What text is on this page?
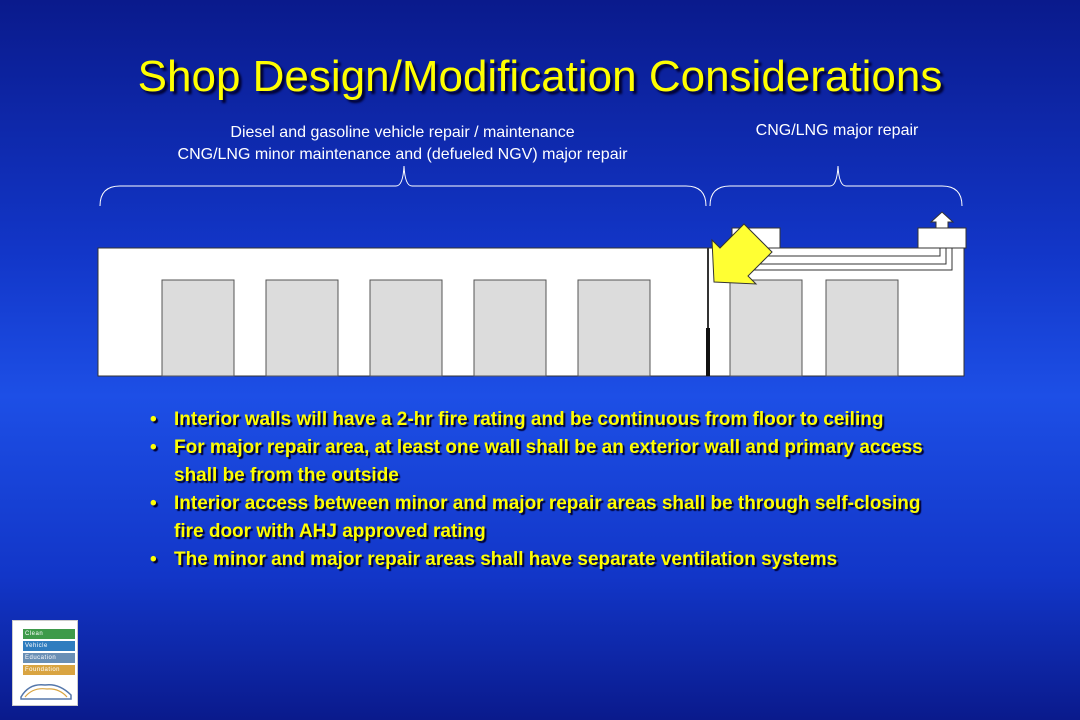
Shop Design/Modification Considerations
Diesel and gasoline vehicle repair / maintenance
CNG/LNG minor maintenance and (defueled NGV) major repair
CNG/LNG major repair
• Interior walls will have a 2-hr fire rating and be continuous from floor to ceiling
• For major repair area, at least one wall shall be an exterior wall and primary access shall be from the outside
• Interior access between minor and major repair areas shall be through self-closing fire door with AHJ approved rating
• The minor and major repair areas shall have separate ventilation systems
Clean
Vehicle
Education
Foundation
